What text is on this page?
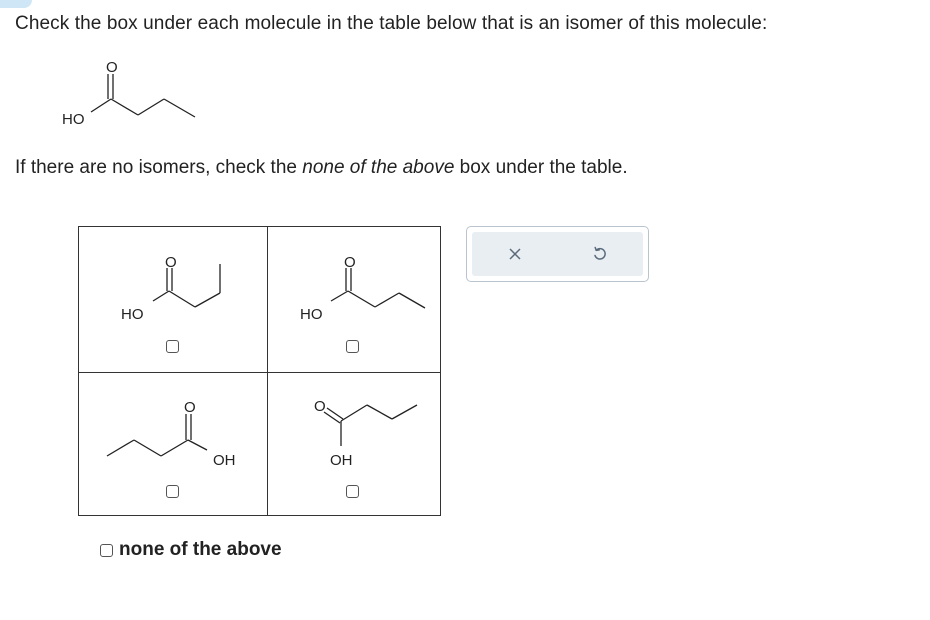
Check the box under each molecule in the table below that is an isomer of this molecule:
O
HO
If there are no isomers, check the none of the above box under the table.
O
HO
O
HO
O
OH
O
OH
none of the above
